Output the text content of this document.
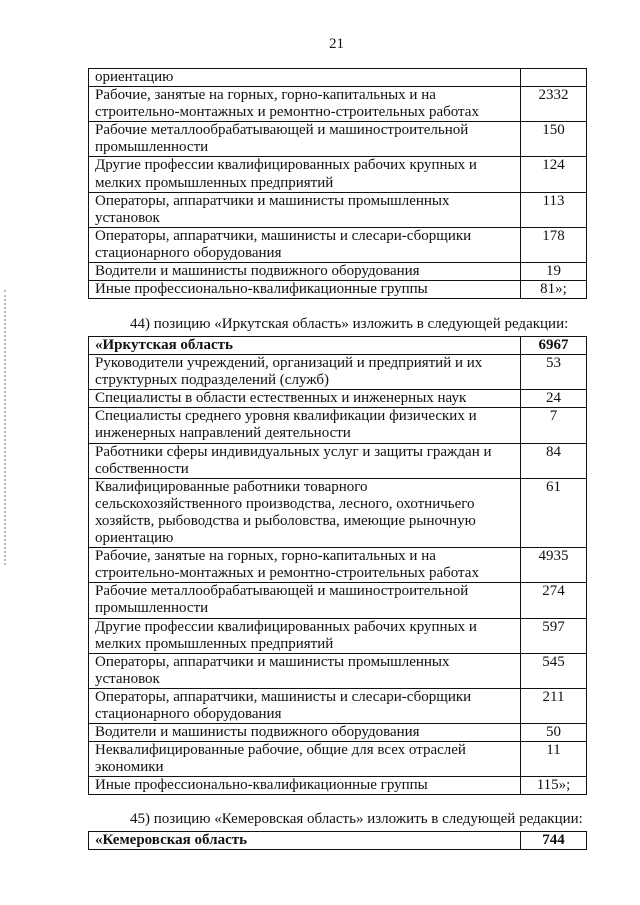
21
ориентацию	
Рабочие, занятые на горных, горно-капитальных и на
строительно-монтажных и ремонтно-строительных работах	2332
Рабочие металлообрабатывающей и машиностроительной
промышленности	150
Другие профессии квалифицированных рабочих крупных и
мелких промышленных предприятий	124
Операторы, аппаратчики и машинисты промышленных
установок	113
Операторы, аппаратчики, машинисты и слесари-сборщики
стационарного оборудования	178
Водители и машинисты подвижного оборудования	19
Иные профессионально-квалификационные группы	81»;
44) позицию «Иркутская область» изложить в следующей редакции:
«Иркутская область	6967
Руководители учреждений, организаций и предприятий и их
структурных подразделений (служб)	53
Специалисты в области естественных и инженерных наук	24
Специалисты среднего уровня квалификации физических и
инженерных направлений деятельности	7
Работники сферы индивидуальных услуг и защиты граждан и
собственности	84
Квалифицированные работники товарного
сельскохозяйственного производства, лесного, охотничьего
хозяйств, рыбоводства и рыболовства, имеющие рыночную
ориентацию	61
Рабочие, занятые на горных, горно-капитальных и на
строительно-монтажных и ремонтно-строительных работах	4935
Рабочие металлообрабатывающей и машиностроительной
промышленности	274
Другие профессии квалифицированных рабочих крупных и
мелких промышленных предприятий	597
Операторы, аппаратчики и машинисты промышленных
установок	545
Операторы, аппаратчики, машинисты и слесари-сборщики
стационарного оборудования	211
Водители и машинисты подвижного оборудования	50
Неквалифицированные рабочие, общие для всех отраслей
экономики	11
Иные профессионально-квалификационные группы	115»;
45) позицию «Кемеровская область» изложить в следующей редакции:
«Кемеровская область	744
